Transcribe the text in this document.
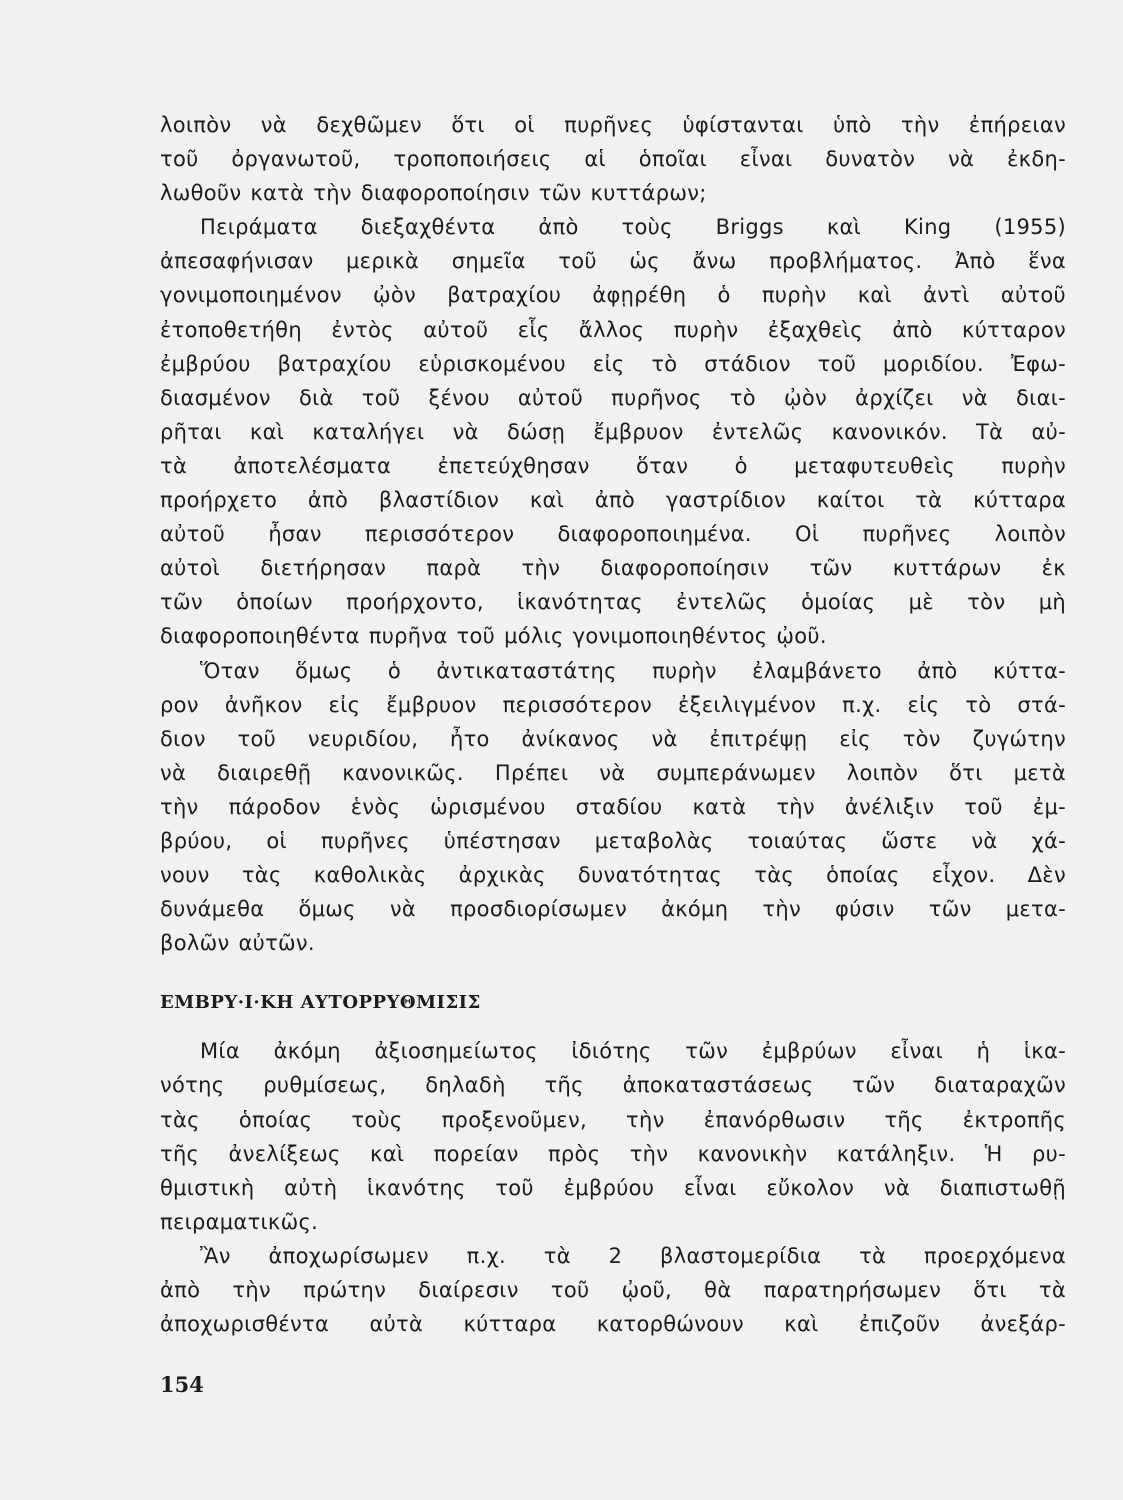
λοιπὸν νὰ δεχθῶμεν ὅτι οἱ πυρῆνες ὑφίστανται ὑπὸ τὴν ἐπήρειαν
τοῦ ὀργανωτοῦ, τροποποιήσεις αἱ ὁποῖαι εἶναι δυνατὸν νὰ ἐκδη-
λωθοῦν κατὰ τὴν διαφοροποίησιν τῶν κυττάρων;
Πειράματα διεξαχθέντα ἀπὸ τοὺς Briggs καὶ King (1955)
ἀπεσαφήνισαν μερικὰ σημεῖα τοῦ ὡς ἄνω προβλήματος. Ἀπὸ ἕνα
γονιμοποιημένον ᾠὸν βατραχίου ἀφῃρέθη ὁ πυρὴν καὶ ἀντὶ αὐτοῦ
ἐτοποθετήθη ἐντὸς αὐτοῦ εἷς ἄλλος πυρὴν ἐξαχθεὶς ἀπὸ κύτταρον
ἐμβρύου βατραχίου εὑρισκομένου εἰς τὸ στάδιον τοῦ μοριδίου. Ἐφω-
διασμένον διὰ τοῦ ξένου αὐτοῦ πυρῆνος τὸ ᾠὸν ἀρχίζει νὰ διαι-
ρῆται καὶ καταλήγει νὰ δώσῃ ἔμβρυον ἐντελῶς κανονικόν. Τὰ αὐ-
τὰ ἀποτελέσματα ἐπετεύχθησαν ὅταν ὁ μεταφυτευθεὶς πυρὴν
προήρχετο ἀπὸ βλαστίδιον καὶ ἀπὸ γαστρίδιον καίτοι τὰ κύτταρα
αὐτοῦ ἦσαν περισσότερον διαφοροποιημένα. Οἱ πυρῆνες λοιπὸν
αὐτοὶ διετήρησαν παρὰ τὴν διαφοροποίησιν τῶν κυττάρων ἐκ
τῶν ὁποίων προήρχοντο, ἱκανότητας ἐντελῶς ὁμοίας μὲ τὸν μὴ
διαφοροποιηθέντα πυρῆνα τοῦ μόλις γονιμοποιηθέντος ᾠοῦ.
Ὅταν ὅμως ὁ ἀντικαταστάτης πυρὴν ἐλαμβάνετο ἀπὸ κύττα-
ρον ἀνῆκον εἰς ἔμβρυον περισσότερον ἐξειλιγμένον π.χ. εἰς τὸ στά-
διον τοῦ νευριδίου, ἦτο ἀνίκανος νὰ ἐπιτρέψῃ εἰς τὸν ζυγώτην
νὰ διαιρεθῇ κανονικῶς. Πρέπει νὰ συμπεράνωμεν λοιπὸν ὅτι μετὰ
τὴν πάροδον ἑνὸς ὡρισμένου σταδίου κατὰ τὴν ἀνέλιξιν τοῦ ἐμ-
βρύου, οἱ πυρῆνες ὑπέστησαν μεταβολὰς τοιαύτας ὥστε νὰ χά-
νουν τὰς καθολικὰς ἀρχικὰς δυνατότητας τὰς ὁποίας εἶχον. Δὲν
δυνάμεθα ὅμως νὰ προσδιορίσωμεν ἀκόμη τὴν φύσιν τῶν μετα-
βολῶν αὐτῶν.
ΕΜΒΡΥ·Ι·ΚΗ ΑΥΤΟΡΡΥΘΜΙΣΙΣ
Μία ἀκόμη ἀξιοσημείωτος ἰδιότης τῶν ἐμβρύων εἶναι ἡ ἱκα-
νότης ρυθμίσεως, δηλαδὴ τῆς ἀποκαταστάσεως τῶν διαταραχῶν
τὰς ὁποίας τοὺς προξενοῦμεν, τὴν ἐπανόρθωσιν τῆς ἐκτροπῆς
τῆς ἀνελίξεως καὶ πορείαν πρὸς τὴν κανονικὴν κατάληξιν. Ἡ ρυ-
θμιστικὴ αὐτὴ ἱκανότης τοῦ ἐμβρύου εἶναι εὔκολον νὰ διαπιστωθῇ
πειραματικῶς.
Ἂν ἀποχωρίσωμεν π.χ. τὰ 2 βλαστομερίδια τὰ προερχόμενα
ἀπὸ τὴν πρώτην διαίρεσιν τοῦ ᾠοῦ, θὰ παρατηρήσωμεν ὅτι τὰ
ἀποχωρισθέντα αὐτὰ κύτταρα κατορθώνουν καὶ ἐπιζοῦν ἀνεξάρ-
154
